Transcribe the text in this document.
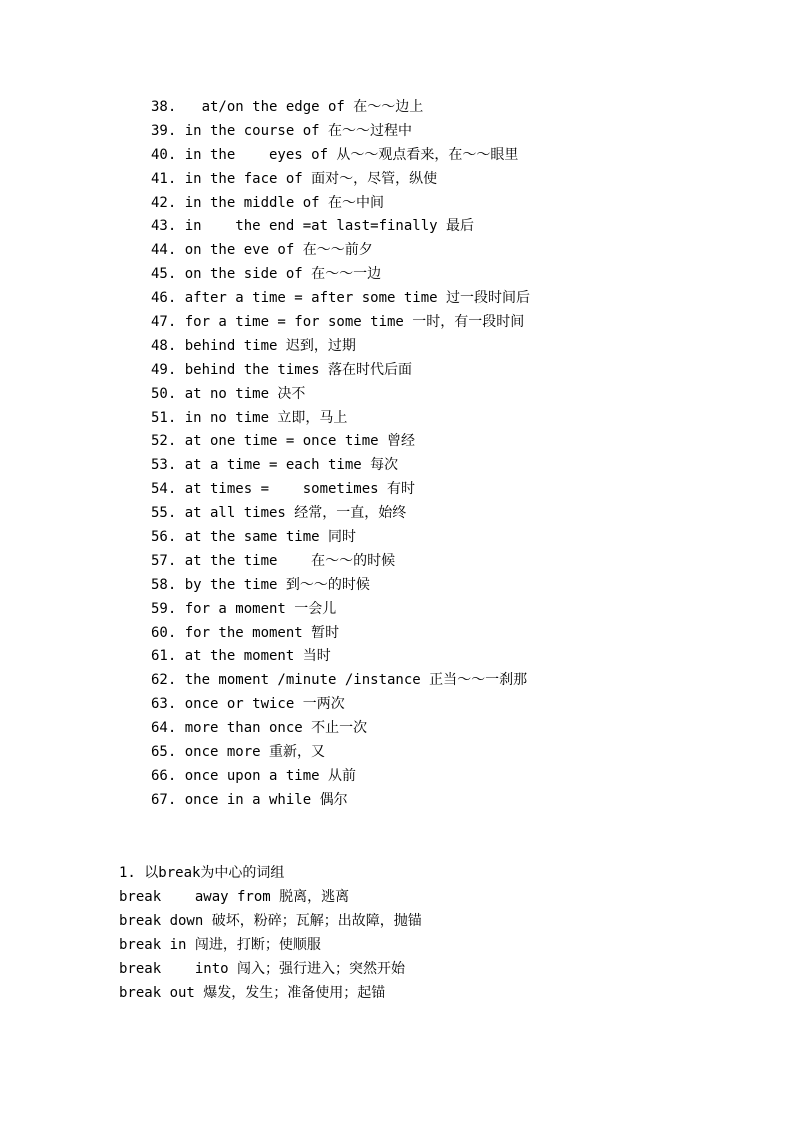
38.   at/on the edge of 在～～边上
39. in the course of 在～～过程中
40. in the    eyes of 从～～观点看来，在～～眼里
41. in the face of 面对～，尽管，纵使
42. in the middle of 在～中间
43. in    the end =at last=finally 最后
44. on the eve of 在～～前夕
45. on the side of 在～～一边
46. after a time = after some time 过一段时间后
47. for a time = for some time 一时，有一段时间
48. behind time 迟到，过期
49. behind the times 落在时代后面
50. at no time 决不
51. in no time 立即，马上
52. at one time = once time 曾经
53. at a time = each time 每次
54. at times =    sometimes 有时
55. at all times 经常，一直，始终
56. at the same time 同时
57. at the time    在～～的时候
58. by the time 到～～的时候
59. for a moment 一会儿
60. for the moment 暂时
61. at the moment 当时
62. the moment /minute /instance 正当～～一刹那
63. once or twice 一两次
64. more than once 不止一次
65. once more 重新，又
66. once upon a time 从前
67. once in a while 偶尔
1. 以break为中心的词组
break    away from 脱离，逃离
break down 破坏，粉碎；瓦解；出故障，抛锚
break in 闯进，打断；使顺服
break    into 闯入；强行进入；突然开始
break out 爆发，发生；准备使用；起锚
